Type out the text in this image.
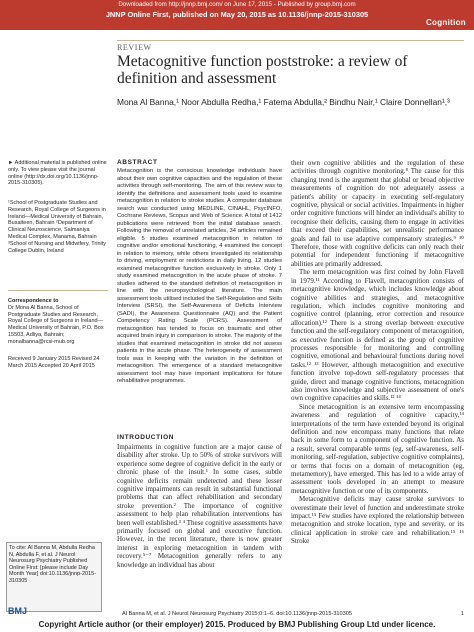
Downloaded from http://jnnp.bmj.com/ on June 17, 2015 - Published by group.bmj.com
JNNP Online First, published on May 20, 2015 as 10.1136/jnnp-2015-310305
Cognition
REVIEW
Metacognitive function poststroke: a review of definition and assessment
Mona Al Banna,¹ Noor Abdulla Redha,¹ Fatema Abdulla,² Bindhu Nair,¹ Claire Donnellan¹,³
► Additional material is published online only. To view please visit the journal online (http://dx.doi.org/10.1136/jnnp-2015-310305).
¹School of Postgraduate Studies and Research, Royal College of Surgeons in Ireland—Medical University of Bahrain, Busaiteen, Bahrain ²Department of Clinical Neuroscience, Salmaniya Medical Complex, Manama, Bahrain ³School of Nursing and Midwifery, Trinity College Dublin, Ireland
Correspondence to
Dr Mona Al Banna, School of Postgraduate Studies and Research, Royal College of Surgeons in Ireland—Medical University of Bahrain, P.O. Box 15503, Adliya, Bahrain; monalbanna@rcsi-mub.org
Received 9 January 2015 Revised 24 March 2015 Accepted 20 April 2015
To cite: Al Banna M, Abdulla Redha N, Abdulla F, et al. J Neurol Neurosurg Psychiatry Published Online First: [please include Day Month Year] doi:10.1136/jnnp-2015-310305
ABSTRACT
Metacognition is the conscious knowledge individuals have about their own cognitive capacities and the regulation of these activities through self-monitoring. The aim of this review was to identify the definitions and assessment tools used to examine metacognition in relation to stroke studies. A computer database search was conducted using MEDLINE, CINAHL, PsycINFO, Cochrane Reviews, Scopus and Web of Science. A total of 1412 publications were retrieved from the initial database search. Following the removal of unrelated articles, 34 articles remained eligible. 5 studies examined metacognition in relation to cognitive and/or emotional functioning, 4 examined the concept in relation to memory, while others investigated its relationship to driving, employment or restrictions in daily living. 12 studies examined metacognitive function exclusively in stroke. Only 1 study examined metacognition in the acute phase of stroke. 7 studies adhered to the standard definition of metacognition in line with the neuropsychological literature. The main assessment tools utilised included the Self-Regulation and Skills Interview (SRSI), the Self-Awareness of Deficits Interview (SADI), the Awareness Questionnaire (AQ) and the Patient Competency Rating Scale (PCRS). Assessment of metacognition has tended to focus on traumatic and other acquired brain injury in comparison to stroke. The majority of the studies that examined metacognition in stroke did not assess patients in the acute phase. The heterogeneity of assessment tools was in keeping with the variation in the definition of metacognition. The emergence of a standard metacognitive assessment tool may have important implications for future rehabilitative programmes.
INTRODUCTION
Impairments in cognitive function are a major cause of disability after stroke. Up to 50% of stroke survivors will experience some degree of cognitive deficit in the early or chronic phase of the insult.¹ In some cases, subtle cognitive deficits remain undetected and these lesser cognitive impairments can result in substantial functional problems that can affect rehabilitation and secondary stroke prevention.² The importance of cognitive assessment to help plan rehabilitation interventions has been well established.³ ⁴ These cognitive assessments have primarily focused on global and executive function. However, in the recent literature, there is now greater interest in exploring metacognition in tandem with recovery.⁵⁻⁷ Metacognition generally refers to any knowledge an individual has about

their own cognitive abilities and the regulation of these activities through cognitive monitoring.⁸ The cause for this changing trend is the argument that global or broad objective measurements of cognition do not adequately assess a patient's ability or capacity in executing self-regulatory cognitive, physical or social activities. Impairments in higher order cognitive functions will hinder an individual's ability to recognise their deficits, causing them to engage in activities that exceed their capabilities, set unrealistic performance goals and fail to use adaptive compensatory strategies.⁹ ¹⁰ Therefore, those with cognitive deficits can only reach their potential for independent functioning if metacognitive abilities are primarily addressed.

The term metacognition was first coined by John Flavell in 1979.¹¹ According to Flavell, metacognition consists of metacognitive knowledge, which includes knowledge about cognitive abilities and strategies, and metacognitive regulation, which includes cognitive monitoring and cognitive control (planning, error correction and resource allocation).¹² There is a strong overlap between executive function and the self-regulatory component of metacognition, as executive function is defined as the group of cognitive processes responsible for monitoring and controlling cognitive, emotional and behavioural functions during novel tasks.¹² ¹³ However, although metacognition and executive function involve top-down self-regulatory processes that guide, direct and manage cognitive functions, metacognition also involves knowledge and subjective assessment of one's own cognitive capacities and skills.¹² ¹⁴

Since metacognition is an extensive term encompassing awareness and regulation of cognitive capacity,¹⁴ interpretations of the term have extended beyond its original definition and now encompass many functions that relate back in some form to a component of cognitive function. As a result, several comparable terms (eg, self-awareness, self-monitoring, self-regulation, subjective cognitive complaints), or terms that focus on a domain of metacognition (eg, metamemory), have emerged. This has led to a wide array of assessment tools developed in an attempt to measure metacognitive function or one of its components.

Metacognitive deficits may cause stroke survivors to overestimate their level of function and underestimate stroke impact.¹⁵ Few studies have explored the relationship between metacognition and stroke location, type and severity, or its clinical application in stroke care and rehabilitation.¹⁵ ¹⁶ Stroke

BMJ	Al Banna M, et al. J Neurol Neurosurg Psychiatry 2015;0:1–6. doi:10.1136/jnnp-2015-310305	1
Copyright Article author (or their employer) 2015. Produced by BMJ Publishing Group Ltd under licence.
